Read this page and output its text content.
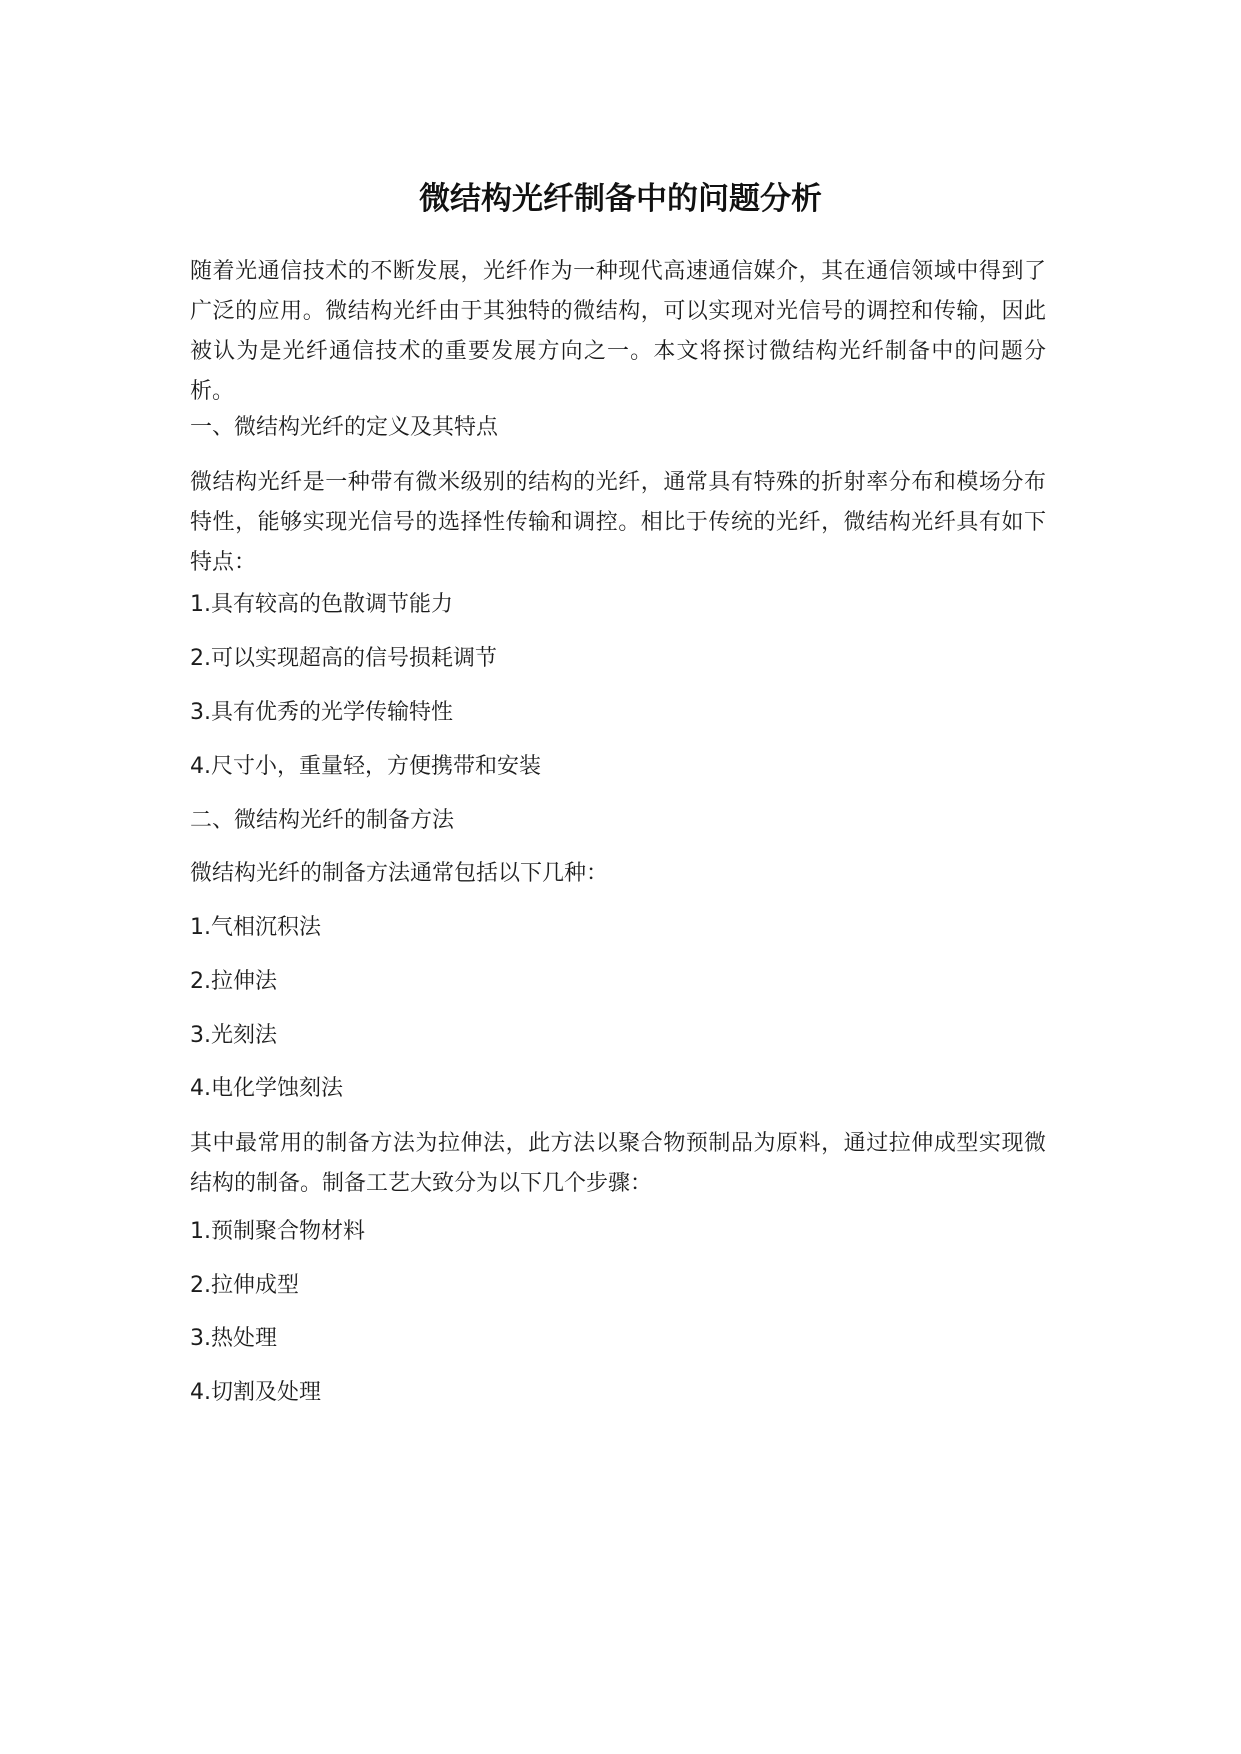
微结构光纤制备中的问题分析

随着光通信技术的不断发展，光纤作为一种现代高速通信媒介，其在通信领域中得到了广泛的应用。微结构光纤由于其独特的微结构，可以实现对光信号的调控和传输，因此被认为是光纤通信技术的重要发展方向之一。本文将探讨微结构光纤制备中的问题分析。

一、微结构光纤的定义及其特点

微结构光纤是一种带有微米级别的结构的光纤，通常具有特殊的折射率分布和模场分布特性，能够实现光信号的选择性传输和调控。相比于传统的光纤，微结构光纤具有如下特点：

1.具有较高的色散调节能力

2.可以实现超高的信号损耗调节

3.具有优秀的光学传输特性

4.尺寸小，重量轻，方便携带和安装

二、微结构光纤的制备方法

微结构光纤的制备方法通常包括以下几种：

1.气相沉积法

2.拉伸法

3.光刻法

4.电化学蚀刻法

其中最常用的制备方法为拉伸法，此方法以聚合物预制品为原料，通过拉伸成型实现微结构的制备。制备工艺大致分为以下几个步骤：

1.预制聚合物材料

2.拉伸成型

3.热处理

4.切割及处理
